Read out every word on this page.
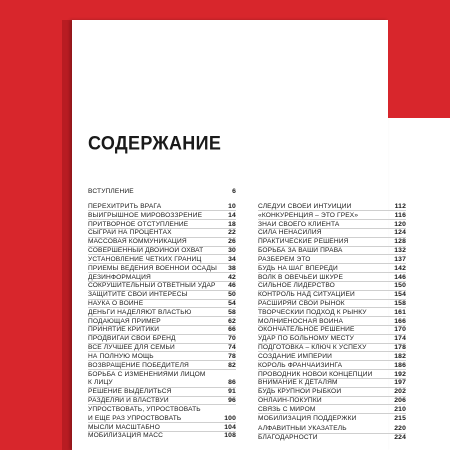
СОДЕРЖАНИЕ
ВСТУПЛЕНИЕ	6
ПЕРЕХИТРИТЬ ВРАГА	10
ВЫИГРЫШНОЕ МИРОВОЗЗРЕНИЕ	14
ПРИТВОРНОЕ ОТСТУПЛЕНИЕ	18
СЫГРАЙ НА ПРОЦЕНТАХ	22
МАССОВАЯ КОММУНИКАЦИЯ	26
СОВЕРШЕННЫЙ ДВОЙНОЙ ОХВАТ	30
УСТАНОВЛЕНИЕ ЧЕТКИХ ГРАНИЦ	34
ПРИЕМЫ ВЕДЕНИЯ ВОЕННОЙ ОСАДЫ	38
ДЕЗИНФОРМАЦИЯ	42
СОКРУШИТЕЛЬНЫЙ ОТВЕТНЫЙ УДАР	46
ЗАЩИТИТЕ СВОИ ИНТЕРЕСЫ	50
НАУКА О ВОЙНЕ	54
ДЕНЬГИ НАДЕЛЯЮТ ВЛАСТЬЮ	58
ПОДАЮЩАЯ ПРИМЕР	62
ПРИНЯТИЕ КРИТИКИ	66
ПРОДВИГАЙ СВОЙ БРЕНД	70
ВСЕ ЛУЧШЕЕ ДЛЯ СЕМЬИ	74
НА ПОЛНУЮ МОЩЬ	78
ВОЗВРАЩЕНИЕ ПОБЕДИТЕЛЯ	82
БОРЬБА С ИЗМЕНЕНИЯМИ ЛИЦОМ
К ЛИЦУ	86
РЕШЕНИЕ ВЫДЕЛИТЬСЯ	91
РАЗДЕЛЯЙ И ВЛАСТВУЙ	96
УПРОСТВОВАТЬ, УПРОСТВОВАТЬ
И ЕЩЕ РАЗ УПРОСТВОВАТЬ	100
МЫСЛИ МАСШТАБНО	104
МОБИЛИЗАЦИЯ МАСС	108
СЛЕДУЙ СВОЕЙ ИНТУИЦИИ	112
«КОНКУРЕНЦИЯ – ЭТО ГРЕХ»	116
ЗНАЙ СВОЕГО КЛИЕНТА	120
СИЛА НЕНАСИЛИЯ	124
ПРАКТИЧЕСКИЕ РЕШЕНИЯ	128
БОРЬБА ЗА ВАШИ ПРАВА	132
РАЗБЕРЕМ ЭТО	137
БУДЬ НА ШАГ ВПЕРЕДИ	142
ВОЛК В ОВЕЧЬЕЙ ШКУРЕ	146
СИЛЬНОЕ ЛИДЕРСТВО	150
КОНТРОЛЬ НАД СИТУАЦИЕЙ	154
РАСШИРЯЙ СВОЙ РЫНОК	158
ТВОРЧЕСКИЙ ПОДХОД К РЫНКУ	161
МОЛНИЕНОСНАЯ ВОЙНА	166
ОКОНЧАТЕЛЬНОЕ РЕШЕНИЕ	170
УДАР ПО БОЛЬНОМУ МЕСТУ	174
ПОДГОТОВКА – КЛЮЧ К УСПЕХУ	178
СОЗДАНИЕ ИМПЕРИИ	182
КОРОЛЬ ФРАНЧАЙЗИНГА	186
ПРОВОДНИК НОВОЙ КОНЦЕПЦИИ	192
ВНИМАНИЕ К ДЕТАЛЯМ	197
БУДЬ КРУПНОЙ РЫБКОЙ	202
ОНЛАЙН-ПОКУПКИ	206
СВЯЗЬ С МИРОМ	210
МОБИЛИЗАЦИЯ ПОДДЕРЖКИ	215
АЛФАВИТНЫЙ УКАЗАТЕЛЬ	220
БЛАГОДАРНОСТИ	224
